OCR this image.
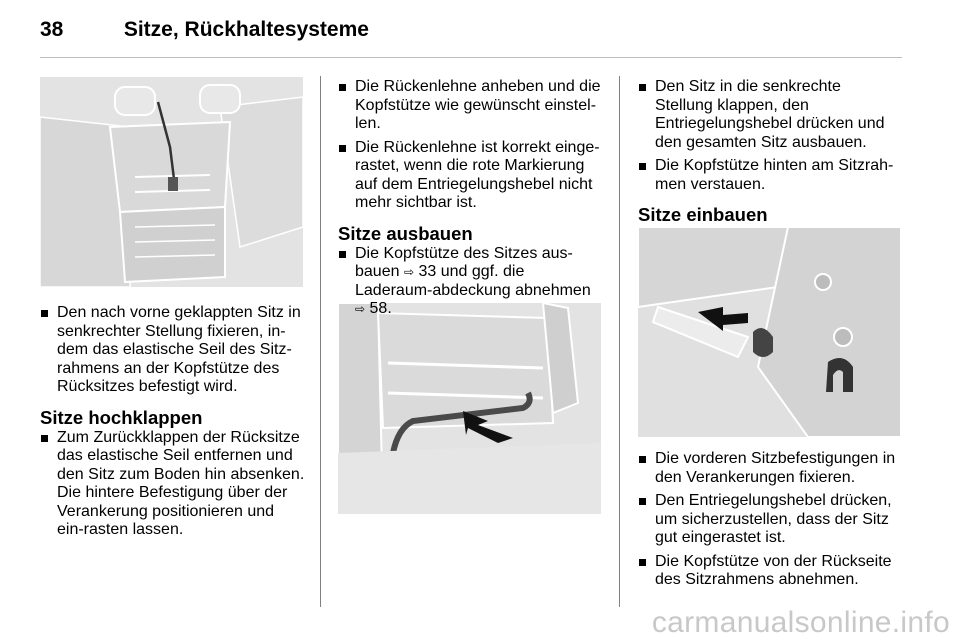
38	Sitze, Rückhaltesysteme
Den nach vorne geklappten Sitz in senkrechter Stellung fixieren, in-dem das elastische Seil des Sitz-rahmens an der Kopfstütze des Rücksitzes befestigt wird.
Sitze hochklappen
Zum Zurückklappen der Rücksitze das elastische Seil entfernen und den Sitz zum Boden hin absenken. Die hintere Befestigung über der Verankerung positionieren und ein-rasten lassen.
Die Rückenlehne anheben und die Kopfstütze wie gewünscht einstel-len.
Die Rückenlehne ist korrekt einge-rastet, wenn die rote Markierung auf dem Entriegelungshebel nicht mehr sichtbar ist.
Sitze ausbauen
Die Kopfstütze des Sitzes aus-bauen ⇨ 33 und ggf. die Laderaum-abdeckung abnehmen ⇨ 58.
Den Sitz in die senkrechte Stellung klappen, den Entriegelungshebel drücken und den gesamten Sitz ausbauen.
Die Kopfstütze hinten am Sitzrah-men verstauen.
Sitze einbauen
Die vorderen Sitzbefestigungen in den Verankerungen fixieren.
Den Entriegelungshebel drücken, um sicherzustellen, dass der Sitz gut eingerastet ist.
Die Kopfstütze von der Rückseite des Sitzrahmens abnehmen.
carmanualsonline.info
